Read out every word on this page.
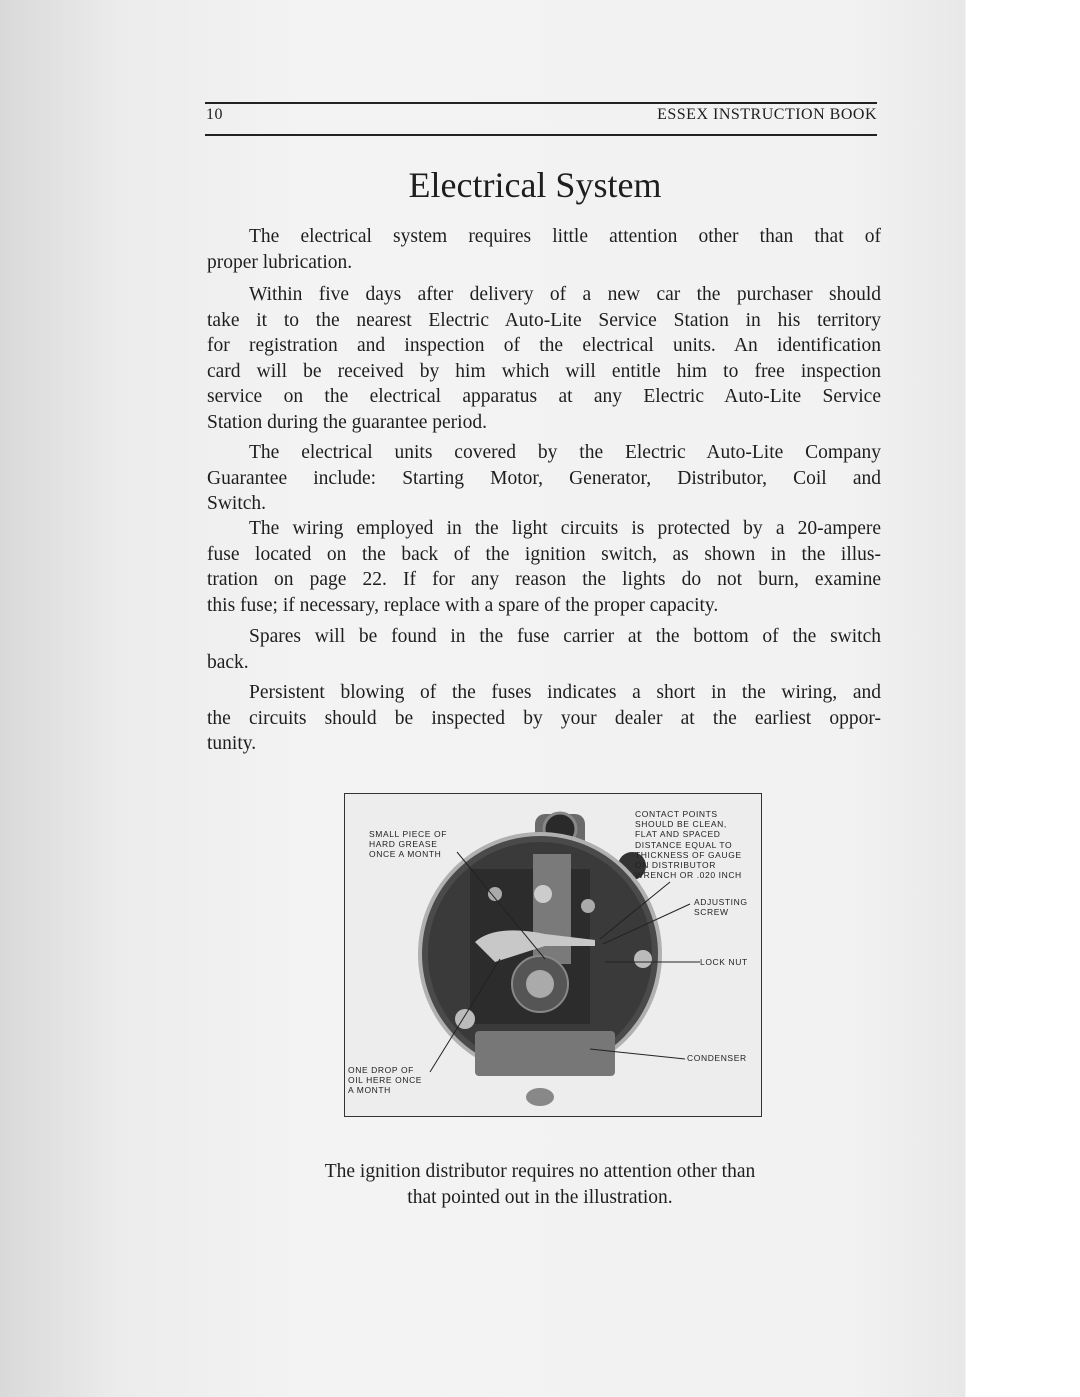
10	ESSEX INSTRUCTION BOOK
Electrical System
The electrical system requires little attention other than that of
proper lubrication.
Within five days after delivery of a new car the purchaser should
take it to the nearest Electric Auto-Lite Service Station in his territory
for registration and inspection of the electrical units. An identification
card will be received by him which will entitle him to free inspection
service on the electrical apparatus at any Electric Auto-Lite Service
Station during the guarantee period.
The electrical units covered by the Electric Auto-Lite Company
Guarantee include: Starting Motor, Generator, Distributor, Coil and
Switch.
The wiring employed in the light circuits is protected by a 20-ampere
fuse located on the back of the ignition switch, as shown in the illus-
tration on page 22. If for any reason the lights do not burn, examine
this fuse; if necessary, replace with a spare of the proper capacity.
Spares will be found in the fuse carrier at the bottom of the switch
back.
Persistent blowing of the fuses indicates a short in the wiring, and
the circuits should be inspected by your dealer at the earliest oppor-
tunity.
SMALL PIECE OF
HARD GREASE
ONCE A MONTH
CONTACT POINTS
SHOULD BE CLEAN,
FLAT AND SPACED
DISTANCE EQUAL TO
THICKNESS OF GAUGE
ON DISTRIBUTOR
WRENCH OR .020 INCH
ADJUSTING
SCREW
LOCK NUT
CONDENSER
ONE DROP OF
OIL HERE ONCE
A MONTH
The ignition distributor requires no attention other than
that pointed out in the illustration.
